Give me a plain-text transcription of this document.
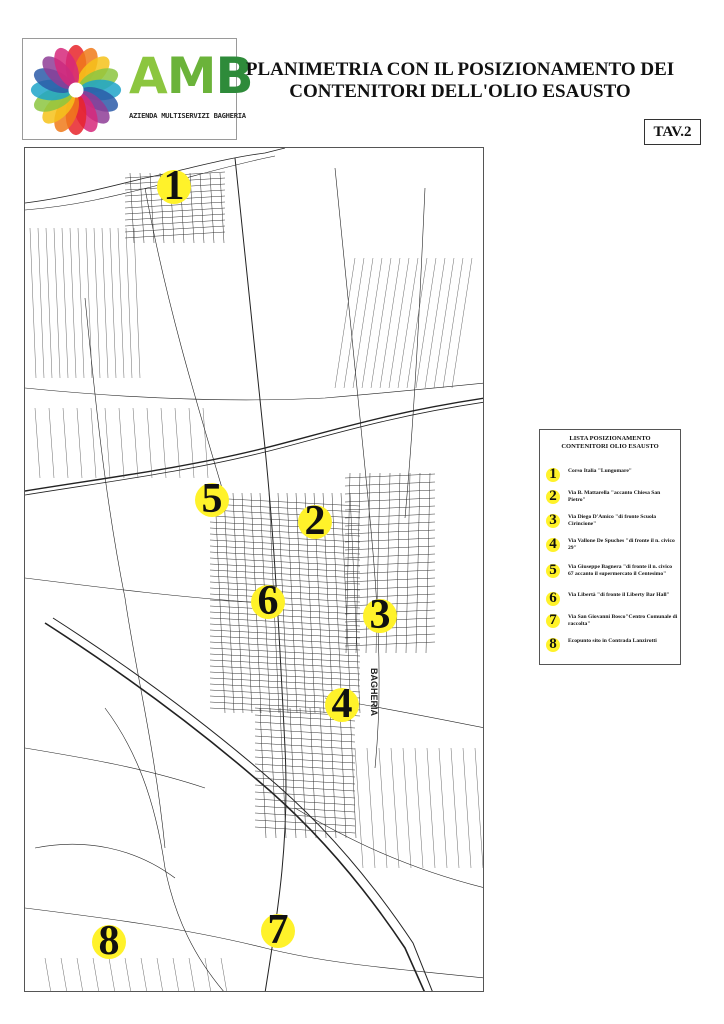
AMB
AZIENDA MULTISERVIZI BAGHERIA
PLANIMETRIA CON IL POSIZIONAMENTO DEI
CONTENITORI DELL'OLIO ESAUSTO
TAV.2
BAGHERIA
1
2
3
4
5
6
7
8
LISTA POSIZIONAMENTO
CONTENITORI OLIO ESAUSTO
1	Corso Italia "Lungomare"
2	Via B. Mattarella "accanto Chiesa San Pietro"
3	Via Diego D'Amico "di fronte Scuola Cirincione"
4	Via Vallone De Spuches "di fronte il n. civico 29"
5	Via Giuseppe Bagnera "di fronte il n. civico 67 accanto il supermercato il Centesimo"
6	Via Libertà "di fronte il Liberty Bar Hall"
7	Via San Giovanni Bosco"Centro Comunale di raccolta"
8	Ecopunto sito in Contrada Lanzirotti
